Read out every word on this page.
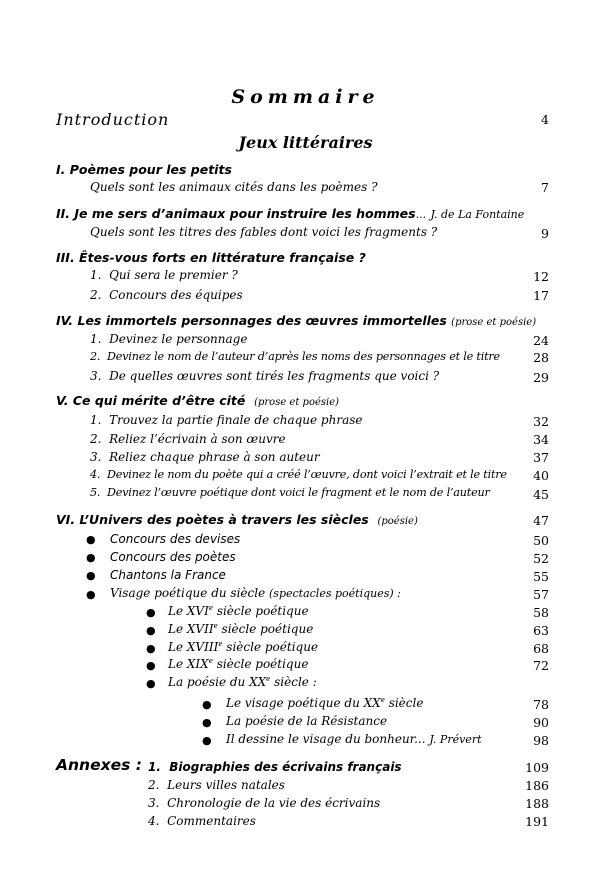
Sommaire
Introduction	4
Jeux littéraires
I. Poèmes pour les petits
Quels sont les animaux cités dans les poèmes ?	7
II. Je me sers d’animaux pour instruire les hommes... J. de La Fontaine
Quels sont les titres des fables dont voici les fragments ?	9
III. Êtes-vous forts en littérature française ?
1. Qui sera le premier ?	12
2. Concours des équipes	17
IV. Les immortels personnages des œuvres immortelles (prose et poésie)
1. Devinez le personnage	24
2. Devinez le nom de l’auteur d’après les noms des personnages et le titre	28
3. De quelles œuvres sont tirés les fragments que voici ?	29
V. Ce qui mérite d’être cité (prose et poésie)
1. Trouvez la partie finale de chaque phrase	32
2. Reliez l’écrivain à son œuvre	34
3. Reliez chaque phrase à son auteur	37
4. Devinez le nom du poète qui a créé l’œuvre, dont voici l’extrait et le titre 40
5. Devinez l’œuvre poétique dont voici le fragment et le nom de l’auteur	45
VI. L’Univers des poètes à travers les siècles (poésie)	47
● Concours des devises	50
● Concours des poètes	52
● Chantons la France	55
● Visage poétique du siècle (spectacles poétiques) :	57
● Le XVIe siècle poétique	58
● Le XVIIe siècle poétique	63
● Le XVIIIe siècle poétique	68
● Le XIXe siècle poétique	72
● La poésie du XXe siècle :
● Le visage poétique du XXe siècle	78
● La poésie de la Résistance	90
● Il dessine le visage du bonheur... J. Prévert	98
Annexes : 1. Biographies des écrivains français	109
2. Leurs villes natales	186
3. Chronologie de la vie des écrivains	188
4. Commentaires	191
